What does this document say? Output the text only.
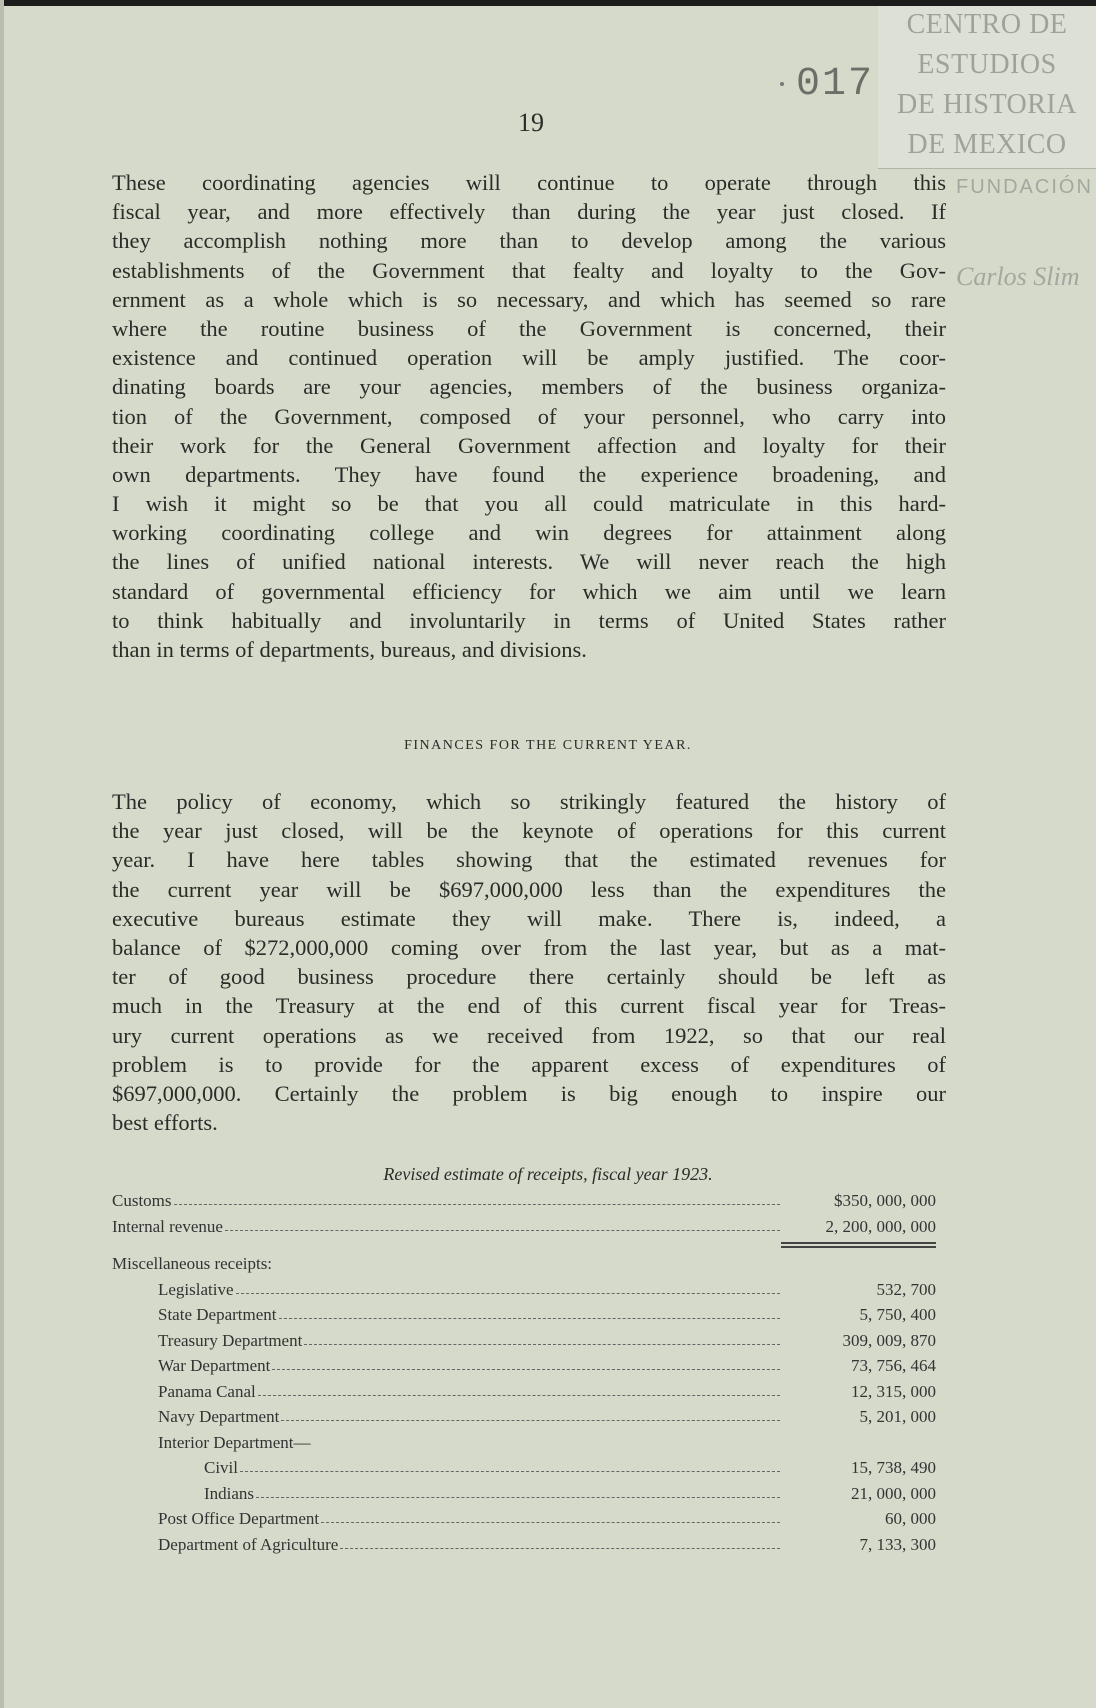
CENTRO DE
ESTUDIOS
DE HISTORIA
DE MEXICO
017
FUNDACIÓN
Carlos Slim
19
These coordinating agencies will continue to operate through this
fiscal year, and more effectively than during the year just closed. If
they accomplish nothing more than to develop among the various
establishments of the Government that fealty and loyalty to the Gov-
ernment as a whole which is so necessary, and which has seemed so rare
where the routine business of the Government is concerned, their
existence and continued operation will be amply justified. The coor-
dinating boards are your agencies, members of the business organiza-
tion of the Government, composed of your personnel, who carry into
their work for the General Government affection and loyalty for their
own departments. They have found the experience broadening, and
I wish it might so be that you all could matriculate in this hard-
working coordinating college and win degrees for attainment along
the lines of unified national interests. We will never reach the high
standard of governmental efficiency for which we aim until we learn
to think habitually and involuntarily in terms of United States rather
than in terms of departments, bureaus, and divisions.
FINANCES FOR THE CURRENT YEAR.
The policy of economy, which so strikingly featured the history of
the year just closed, will be the keynote of operations for this current
year. I have here tables showing that the estimated revenues for
the current year will be $697,000,000 less than the expenditures the
executive bureaus estimate they will make. There is, indeed, a
balance of $272,000,000 coming over from the last year, but as a mat-
ter of good business procedure there certainly should be left as
much in the Treasury at the end of this current fiscal year for Treas-
ury current operations as we received from 1922, so that our real
problem is to provide for the apparent excess of expenditures of
$697,000,000. Certainly the problem is big enough to inspire our
best efforts.
Revised estimate of receipts, fiscal year 1923.
Customs	$350, 000, 000
Internal revenue	2, 200, 000, 000
Miscellaneous receipts:
Legislative	532, 700
State Department	5, 750, 400
Treasury Department	309, 009, 870
War Department	73, 756, 464
Panama Canal	12, 315, 000
Navy Department	5, 201, 000
Interior Department—
Civil	15, 738, 490
Indians	21, 000, 000
Post Office Department	60, 000
Department of Agriculture	7, 133, 300
